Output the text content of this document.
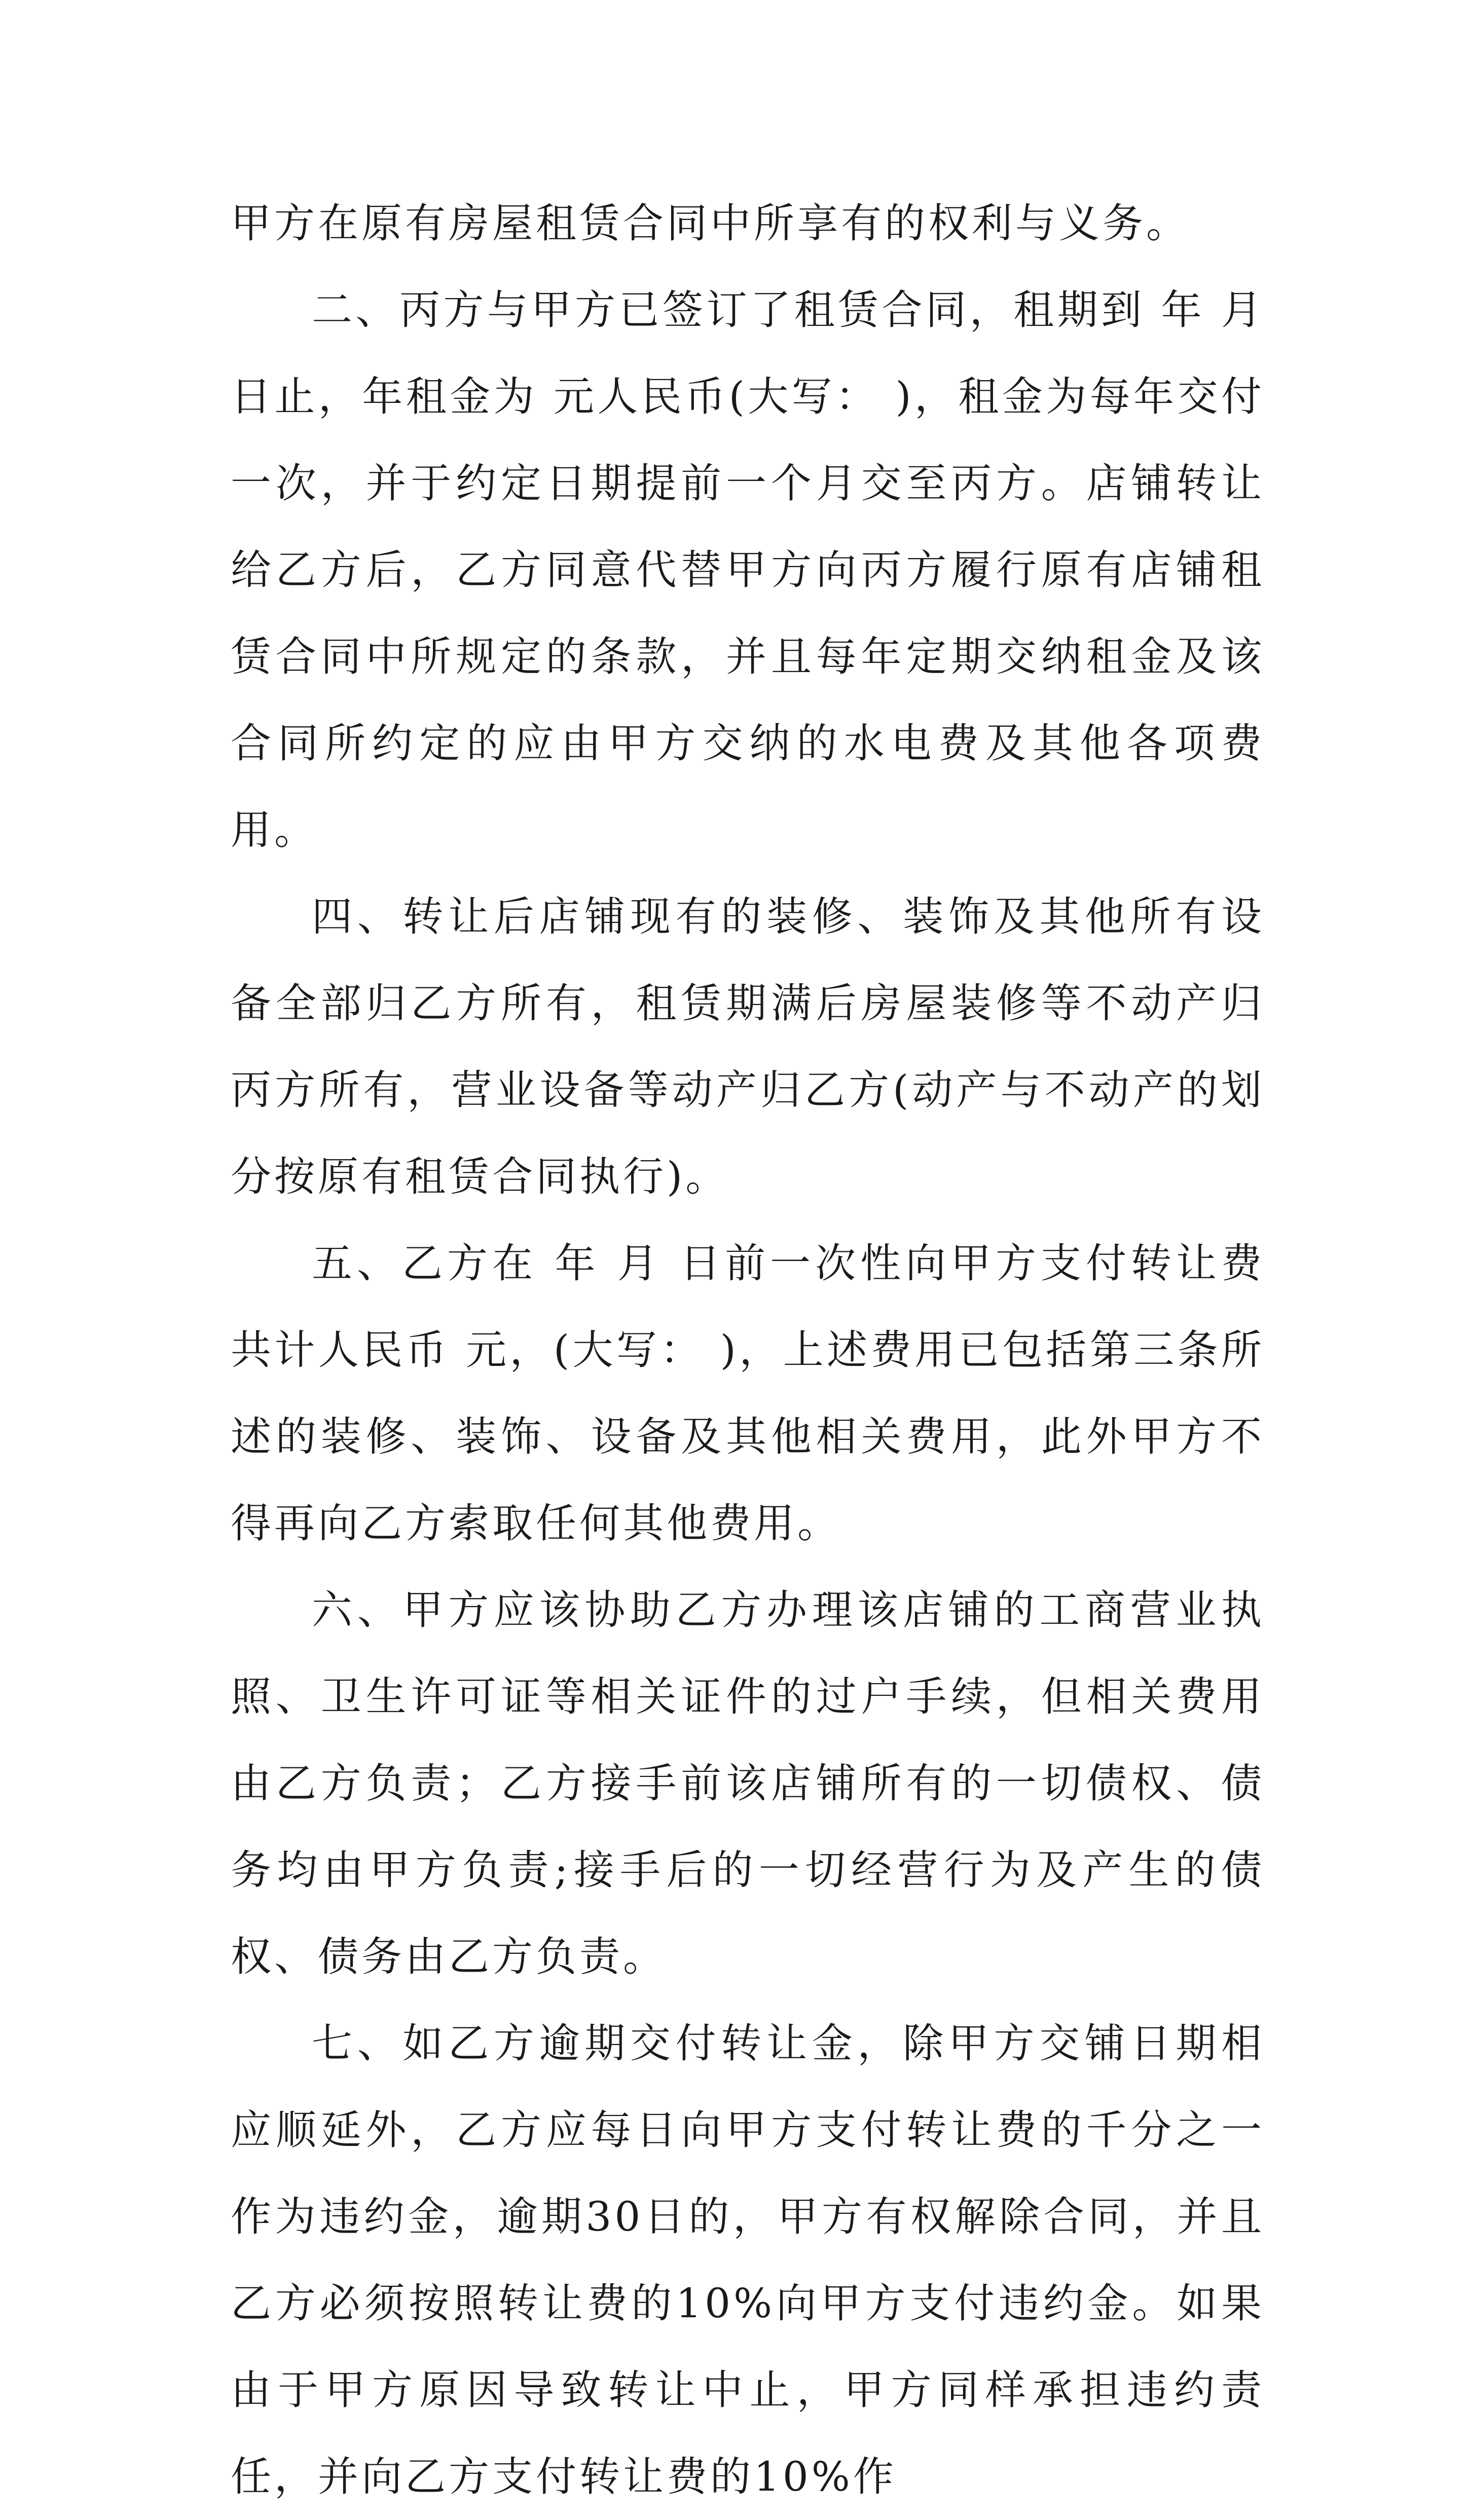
甲方在原有房屋租赁合同中所享有的权利与义务。

二、丙方与甲方已签订了租赁合同，租期到 年 月 日止，年租金为 元人民币(大写： )，租金为每年交付一次，并于约定日期提前一个月交至丙方。店铺转让给乙方后，乙方同意代替甲方向丙方履行原有店铺租赁合同中所规定的条款，并且每年定期交纳租金及该合同所约定的应由甲方交纳的水电费及其他各项费用。

四、转让后店铺现有的装修、装饰及其他所有设备全部归乙方所有，租赁期满后房屋装修等不动产归丙方所有，营业设备等动产归乙方(动产与不动产的划分按原有租赁合同执行)。

五、乙方在 年 月 日前一次性向甲方支付转让费共计人民币 元，(大写： )，上述费用已包括第三条所述的装修、装饰、设备及其他相关费用，此外甲方不得再向乙方索取任何其他费用。

六、甲方应该协助乙方办理该店铺的工商营业执照、卫生许可证等相关证件的过户手续，但相关费用由乙方负责；乙方接手前该店铺所有的一切债权、债务均由甲方负责;接手后的一切经营行为及产生的债权、债务由乙方负责。

七、如乙方逾期交付转让金，除甲方交铺日期相应顺延外，乙方应每日向甲方支付转让费的千分之一作为违约金，逾期30日的，甲方有权解除合同，并且乙方必须按照转让费的10%向甲方支付违约金。如果由于甲方原因导致转让中止，甲方同样承担违约责任，并向乙方支付转让费的10%作
